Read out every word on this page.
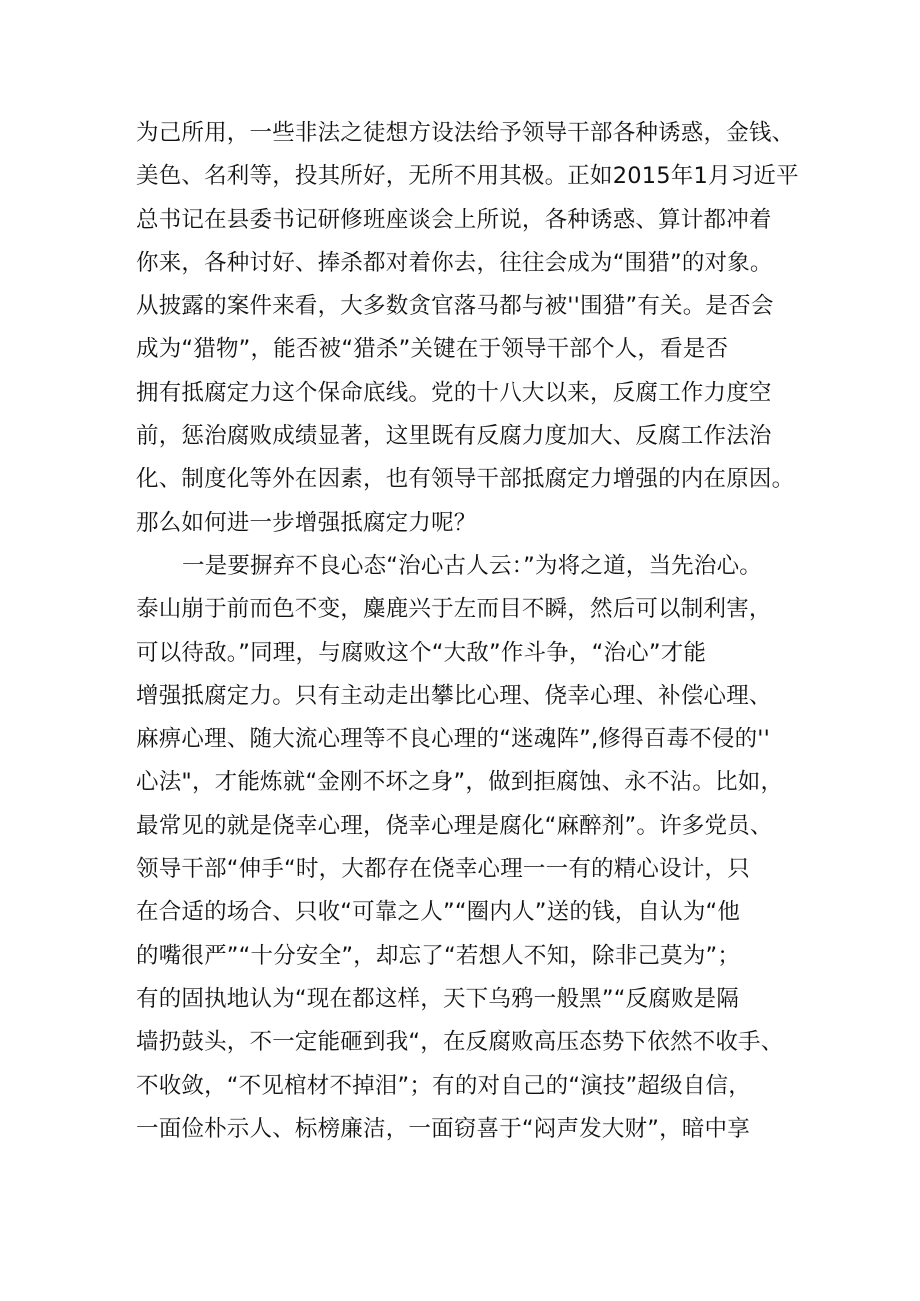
为己所用，一些非法之徒想方设法给予领导干部各种诱惑，金钱、
美色、名利等，投其所好，无所不用其极。正如2015年1月习近平
总书记在县委书记研修班座谈会上所说，各种诱惑、算计都冲着
你来，各种讨好、捧杀都对着你去，往往会成为“围猎”的对象。
从披露的案件来看，大多数贪官落马都与被''围猎”有关。是否会
成为“猎物”，能否被“猎杀”关键在于领导干部个人，看是否
拥有抵腐定力这个保命底线。党的十八大以来，反腐工作力度空
前，惩治腐败成绩显著，这里既有反腐力度加大、反腐工作法治
化、制度化等外在因素，也有领导干部抵腐定力增强的内在原因。
那么如何进一步增强抵腐定力呢？
一是要摒弃不良心态“治心古人云：”为将之道，当先治心。
泰山崩于前而色不变，麋鹿兴于左而目不瞬，然后可以制利害，
可以待敌。”同理，与腐败这个“大敌”作斗争，“治心”才能
增强抵腐定力。只有主动走出攀比心理、侥幸心理、补偿心理、
麻痹心理、随大流心理等不良心理的“迷魂阵”,修得百毒不侵的''
心法"，才能炼就“金刚不坏之身”，做到拒腐蚀、永不沾。比如，
最常见的就是侥幸心理，侥幸心理是腐化“麻醉剂”。许多党员、
领导干部“伸手“时，大都存在侥幸心理一一有的精心设计，只
在合适的场合、只收“可靠之人”“圈内人”送的钱，自认为“他
的嘴很严”“十分安全”，却忘了“若想人不知，除非己莫为”；
有的固执地认为“现在都这样，天下乌鸦一般黑”“反腐败是隔
墙扔鼓头，不一定能砸到我“，在反腐败高压态势下依然不收手、
不收敛，“不见棺材不掉泪”；有的对自己的“演技”超级自信，
一面俭朴示人、标榜廉洁，一面窃喜于“闷声发大财”，暗中享
